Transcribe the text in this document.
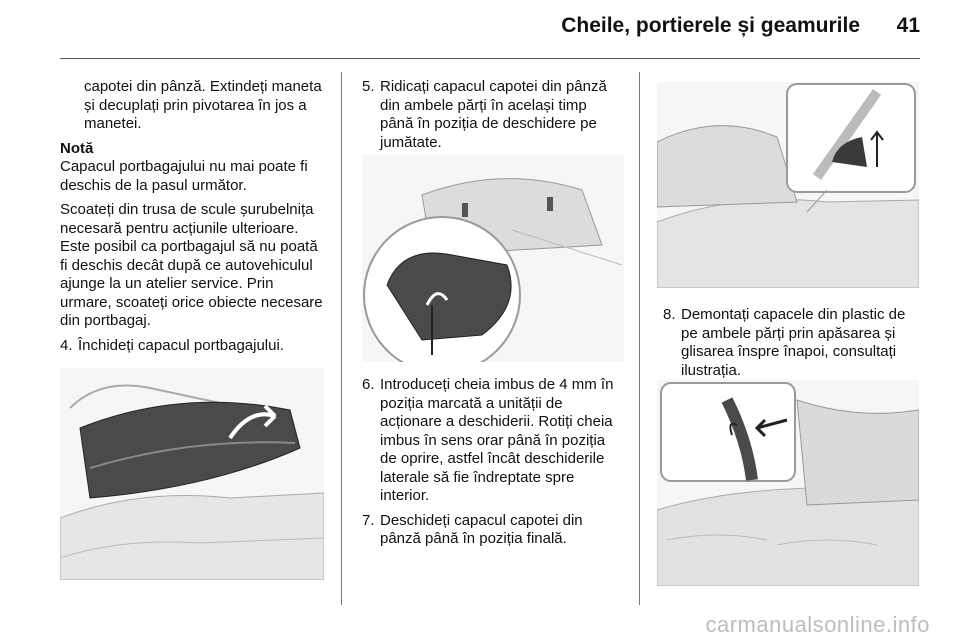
Cheile, portierele și geamurile 41

capotei din pânză. Extindeți maneta și decuplați prin pivotarea în jos a manetei.

Notă
Capacul portbagajului nu mai poate fi deschis de la pasul următor.

Scoateți din trusa de scule șurubelnița necesară pentru acțiunile ulterioare. Este posibil ca portbagajul să nu poată fi deschis decât după ce autovehiculul ajunge la un atelier service. Prin urmare, scoateți orice obiecte necesare din portbagaj.

4. Închideți capacul portbagajului.
5. Ridicați capacul capotei din pânză din ambele părți în același timp până în poziția de deschidere pe jumătate.
6. Introduceți cheia imbus de 4 mm în poziția marcată a unității de acționare a deschiderii. Rotiți cheia imbus în sens orar până în poziția de oprire, astfel încât deschiderile laterale să fie îndreptate spre interior.
7. Deschideți capacul capotei din pânză până în poziția finală.
8. Demontați capacele din plastic de pe ambele părți prin apăsarea și glisarea înspre înapoi, consultați ilustrația.
carmanualsonline.info
